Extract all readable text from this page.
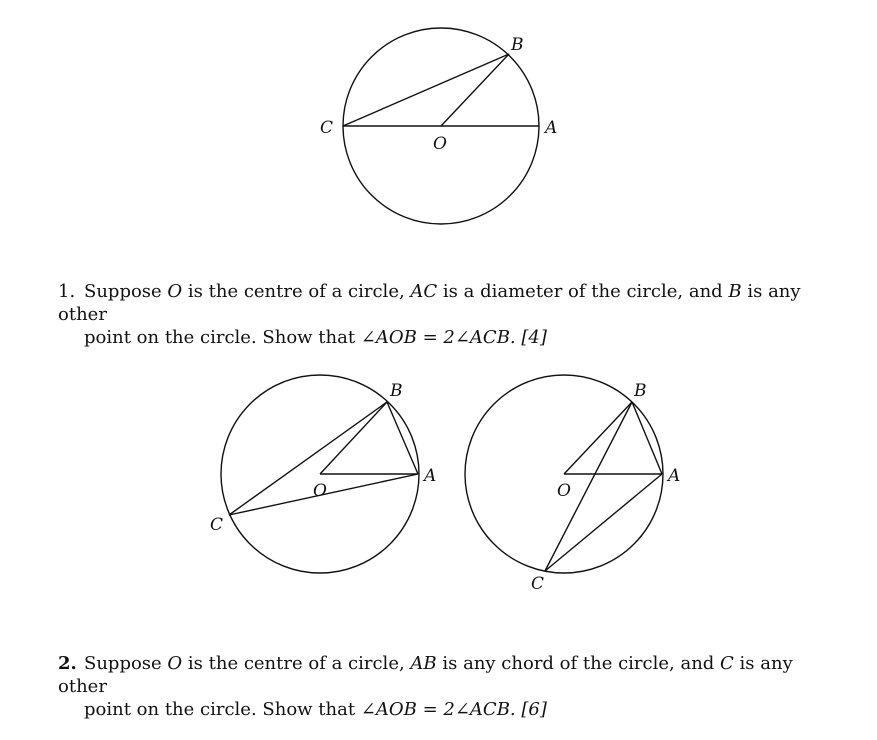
B
C	A
O
B
A
O
C
B
A
O
C
1. Suppose O is the centre of a circle, AC is a diameter of the circle, and B is any other
point on the circle. Show that ∠AOB = 2∠ACB. [4]
2. Suppose O is the centre of a circle, AB is any chord of the circle, and C is any other
point on the circle. Show that ∠AOB = 2∠ACB. [6]
